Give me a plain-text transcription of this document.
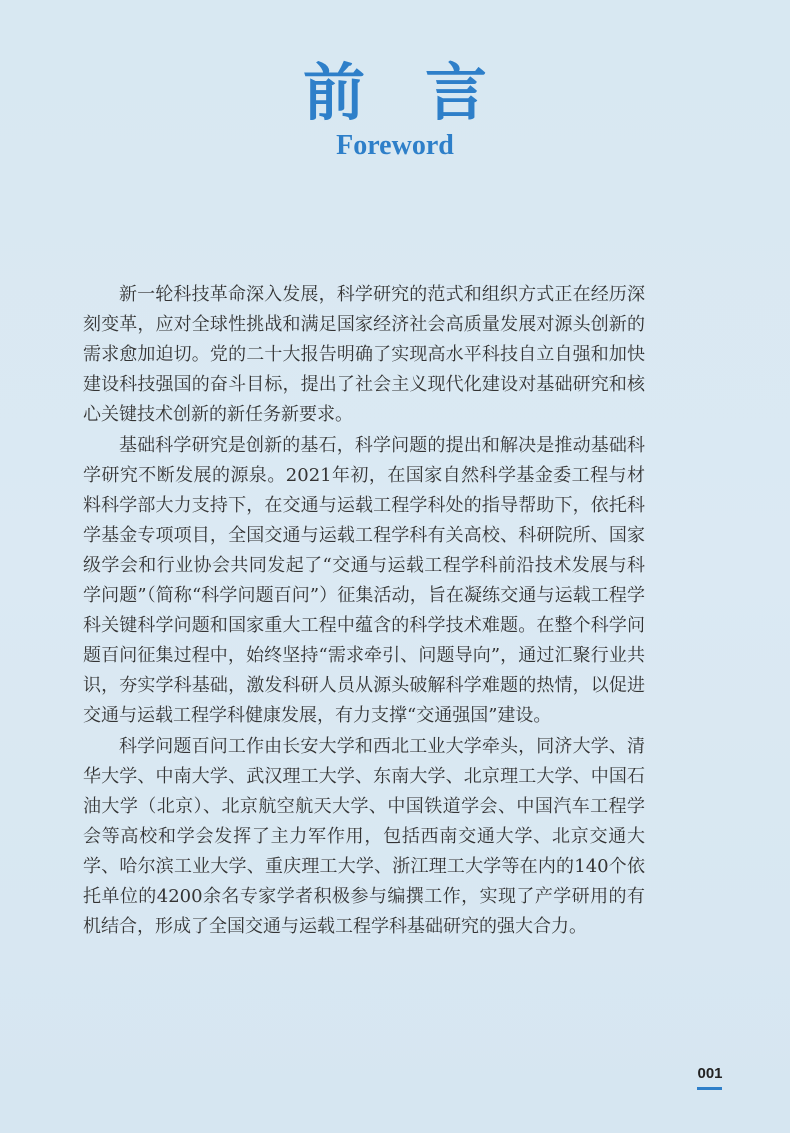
前言
Foreword

新一轮科技革命深入发展，科学研究的范式和组织方式正在经历深刻变革，应对全球性挑战和满足国家经济社会高质量发展对源头创新的需求愈加迫切。党的二十大报告明确了实现高水平科技自立自强和加快建设科技强国的奋斗目标，提出了社会主义现代化建设对基础研究和核心关键技术创新的新任务新要求。

基础科学研究是创新的基石，科学问题的提出和解决是推动基础科学研究不断发展的源泉。2021年初，在国家自然科学基金委工程与材料科学部大力支持下，在交通与运载工程学科处的指导帮助下，依托科学基金专项项目，全国交通与运载工程学科有关高校、科研院所、国家级学会和行业协会共同发起了“交通与运载工程学科前沿技术发展与科学问题”（简称“科学问题百问”）征集活动，旨在凝练交通与运载工程学科关键科学问题和国家重大工程中蕴含的科学技术难题。在整个科学问题百问征集过程中，始终坚持“需求牵引、问题导向”，通过汇聚行业共识，夯实学科基础，激发科研人员从源头破解科学难题的热情，以促进交通与运载工程学科健康发展，有力支撑“交通强国”建设。

科学问题百问工作由长安大学和西北工业大学牵头，同济大学、清华大学、中南大学、武汉理工大学、东南大学、北京理工大学、中国石油大学（北京）、北京航空航天大学、中国铁道学会、中国汽车工程学会等高校和学会发挥了主力军作用，包括西南交通大学、北京交通大学、哈尔滨工业大学、重庆理工大学、浙江理工大学等在内的140个依托单位的4200余名专家学者积极参与编撰工作，实现了产学研用的有机结合，形成了全国交通与运载工程学科基础研究的强大合力。

001
